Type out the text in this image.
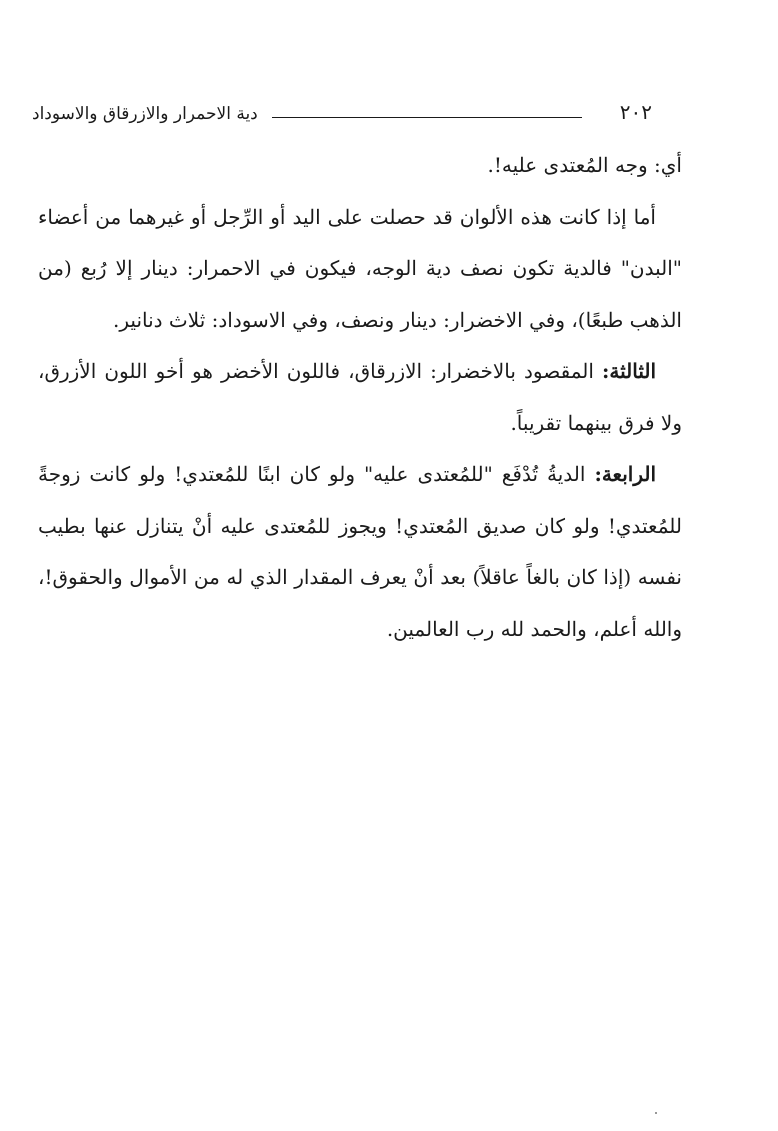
٢٠٢
دية الاحمرار والازرقاق والاسوداد

أي: وجه المُعتدى عليه!.

أما إذا كانت هذه الألوان قد حصلت على اليد أو الرِّجل أو غيرهما من أعضاء "البدن" فالدية تكون نصف دية الوجه، فيكون في الاحمرار: دينار إلا رُبع (من الذهب طبعًا)، وفي الاخضرار: دينار ونصف، وفي الاسوداد: ثلاث دنانير.

الثالثة: المقصود بالاخضرار: الازرقاق، فاللون الأخضر هو أخو اللون الأزرق، ولا فرق بينهما تقريباً.

الرابعة: الديةُ تُدْفَع "للمُعتدى عليه" ولو كان ابنًا للمُعتدي! ولو كانت زوجةً للمُعتدي! ولو كان صديق المُعتدي! ويجوز للمُعتدى عليه أنْ يتنازل عنها بطيب نفسه (إذا كان بالغاً عاقلاً) بعد أنْ يعرف المقدار الذي له من الأموال والحقوق!، والله أعلم، والحمد لله رب العالمين.
